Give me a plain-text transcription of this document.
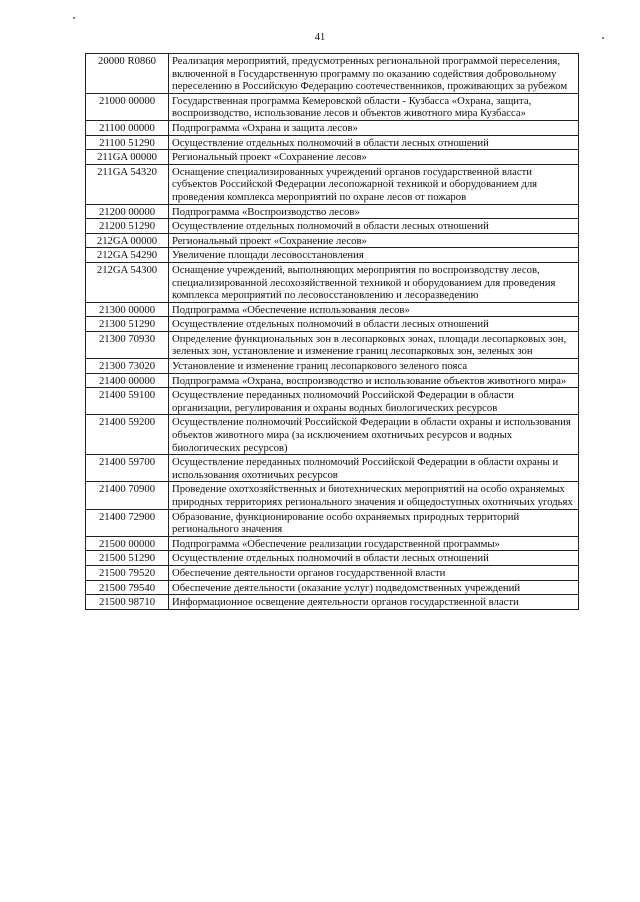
41
20000 R0860	Реализация мероприятий, предусмотренных региональной программой переселения, включенной в Государственную программу по оказанию содействия добровольному переселению в Российскую Федерацию соотечественников, проживающих за рубежом
21000 00000	Государственная программа Кемеровской области - Кузбасса «Охрана, защита, воспроизводство, использование лесов и объектов животного мира Кузбасса»
21100 00000	Подпрограмма «Охрана и защита лесов»
21100 51290	Осуществление отдельных полномочий в области лесных отношений
211GA 00000	Региональный проект «Сохранение лесов»
211GA 54320	Оснащение специализированных учреждений органов государственной власти субъектов Российской Федерации лесопожарной техникой и оборудованием для проведения комплекса мероприятий по охране лесов от пожаров
21200 00000	Подпрограмма «Воспроизводство лесов»
21200 51290	Осуществление отдельных полномочий в области лесных отношений
212GA 00000	Региональный проект «Сохранение лесов»
212GA 54290	Увеличение площади лесовосстановления
212GA 54300	Оснащение учреждений, выполняющих мероприятия по воспроизводству лесов, специализированной лесохозяйственной техникой и оборудованием для проведения комплекса мероприятий по лесовосстановлению и лесоразведению
21300 00000	Подпрограмма «Обеспечение использования лесов»
21300 51290	Осуществление отдельных полномочий в области лесных отношений
21300 70930	Определение функциональных зон в лесопарковых зонах, площади лесопарковых зон, зеленых зон, установление и изменение границ лесопарковых зон, зеленых зон
21300 73020	Установление и изменение границ лесопаркового зеленого пояса
21400 00000	Подпрограмма «Охрана, воспроизводство и использование объектов животного мира»
21400 59100	Осуществление переданных полномочий Российской Федерации в области организации, регулирования и охраны водных биологических ресурсов
21400 59200	Осуществление полномочий Российской Федерации в области охраны и использования объектов животного мира (за исключением охотничьих ресурсов и водных биологических ресурсов)
21400 59700	Осуществление переданных полномочий Российской Федерации в области охраны и использования охотничьих ресурсов
21400 70900	Проведение охотхозяйственных и биотехнических мероприятий на особо охраняемых природных территориях регионального значения и общедоступных охотничьих угодьях
21400 72900	Образование, функционирование особо охраняемых природных территорий регионального значения
21500 00000	Подпрограмма «Обеспечение реализации государственной программы»
21500 51290	Осуществление отдельных полномочий в области лесных отношений
21500 79520	Обеспечение деятельности органов государственной власти
21500 79540	Обеспечение деятельности (оказание услуг) подведомственных учреждений
21500 98710	Информационное освещение деятельности органов государственной власти
